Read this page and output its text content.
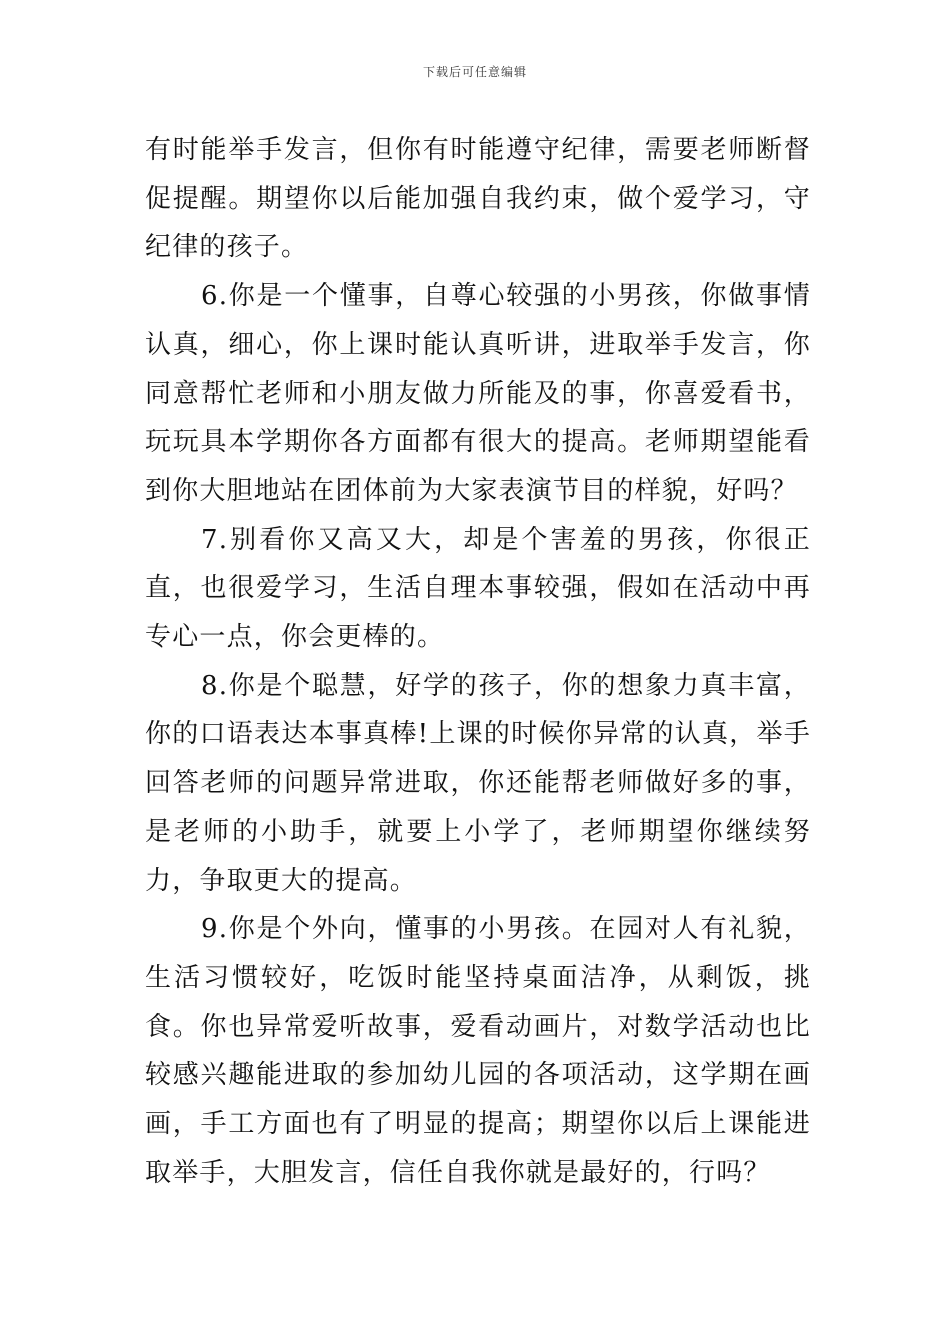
下载后可任意编辑

有时能举手发言，但你有时能遵守纪律，需要老师断督促提醒。期望你以后能加强自我约束，做个爱学习，守纪律的孩子。

6.你是一个懂事，自尊心较强的小男孩，你做事情认真，细心，你上课时能认真听讲，进取举手发言，你同意帮忙老师和小朋友做力所能及的事，你喜爱看书，玩玩具本学期你各方面都有很大的提高。老师期望能看到你大胆地站在团体前为大家表演节目的样貌，好吗？

7.别看你又高又大，却是个害羞的男孩，你很正直，也很爱学习，生活自理本事较强，假如在活动中再专心一点，你会更棒的。

8.你是个聪慧，好学的孩子，你的想象力真丰富，你的口语表达本事真棒!上课的时候你异常的认真，举手回答老师的问题异常进取，你还能帮老师做好多的事，是老师的小助手，就要上小学了，老师期望你继续努力，争取更大的提高。

9.你是个外向，懂事的小男孩。在园对人有礼貌，生活习惯较好，吃饭时能坚持桌面洁净，从剩饭，挑食。你也异常爱听故事，爱看动画片，对数学活动也比较感兴趣能进取的参加幼儿园的各项活动，这学期在画画，手工方面也有了明显的提高；期望你以后上课能进取举手，大胆发言，信任自我你就是最好的，行吗？
